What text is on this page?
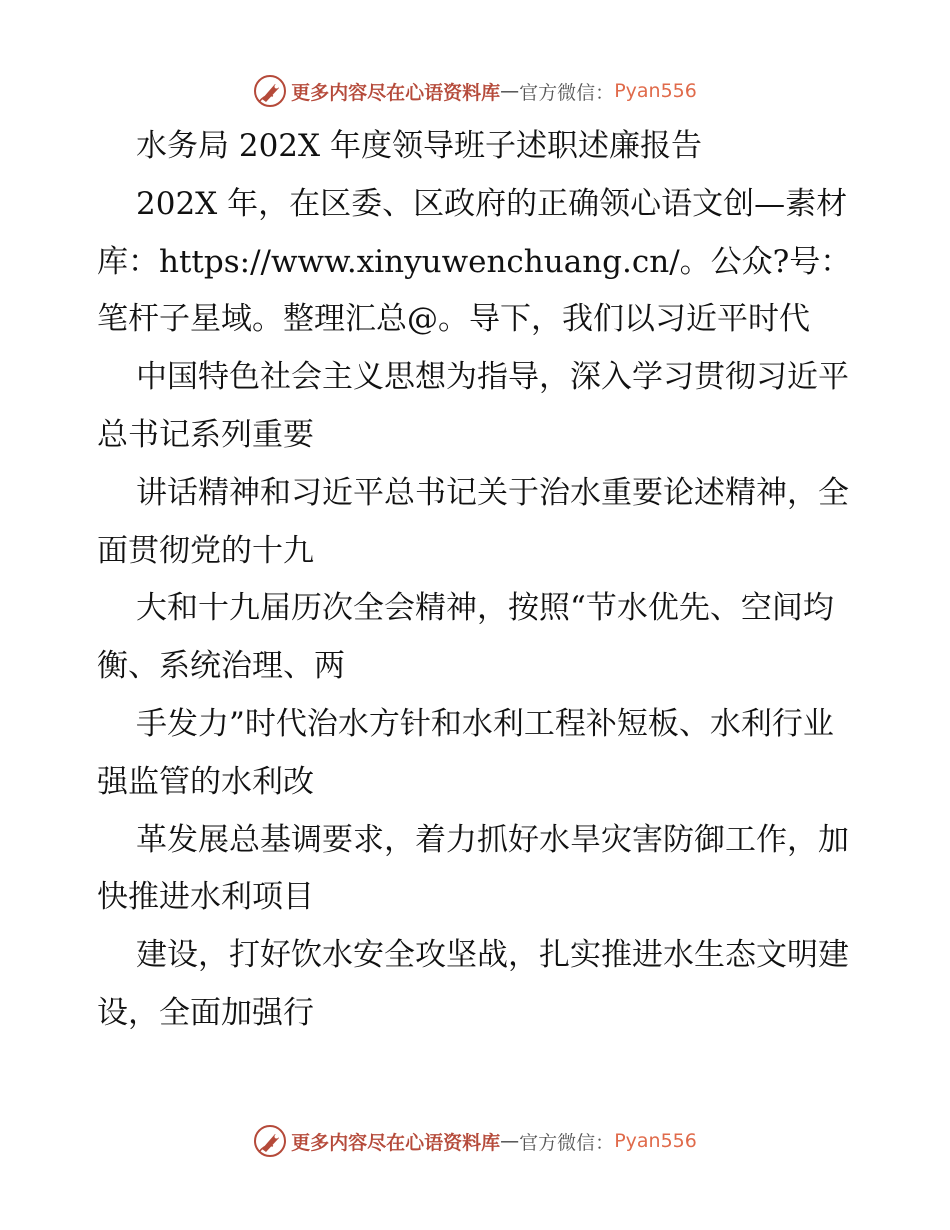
更多内容尽在心语资料库 — 官方微信： Pyan556

水务局 202X 年度领导班子述职述廉报告

202X 年，在区委、区政府的正确领心语文创—素材库：https://www.xinyuwenchuang.cn/。公众?号：笔杆子星域。整理汇总@。导下，我们以习近平时代

中国特色社会主义思想为指导，深入学习贯彻习近平总书记系列重要

讲话精神和习近平总书记关于治水重要论述精神，全面贯彻党的十九

大和十九届历次全会精神，按照“节水优先、空间均衡、系统治理、两

手发力”时代治水方针和水利工程补短板、水利行业强监管的水利改

革发展总基调要求，着力抓好水旱灾害防御工作，加快推进水利项目

建设，打好饮水安全攻坚战，扎实推进水生态文明建设，全面加强行

更多内容尽在心语资料库 — 官方微信： Pyan556
